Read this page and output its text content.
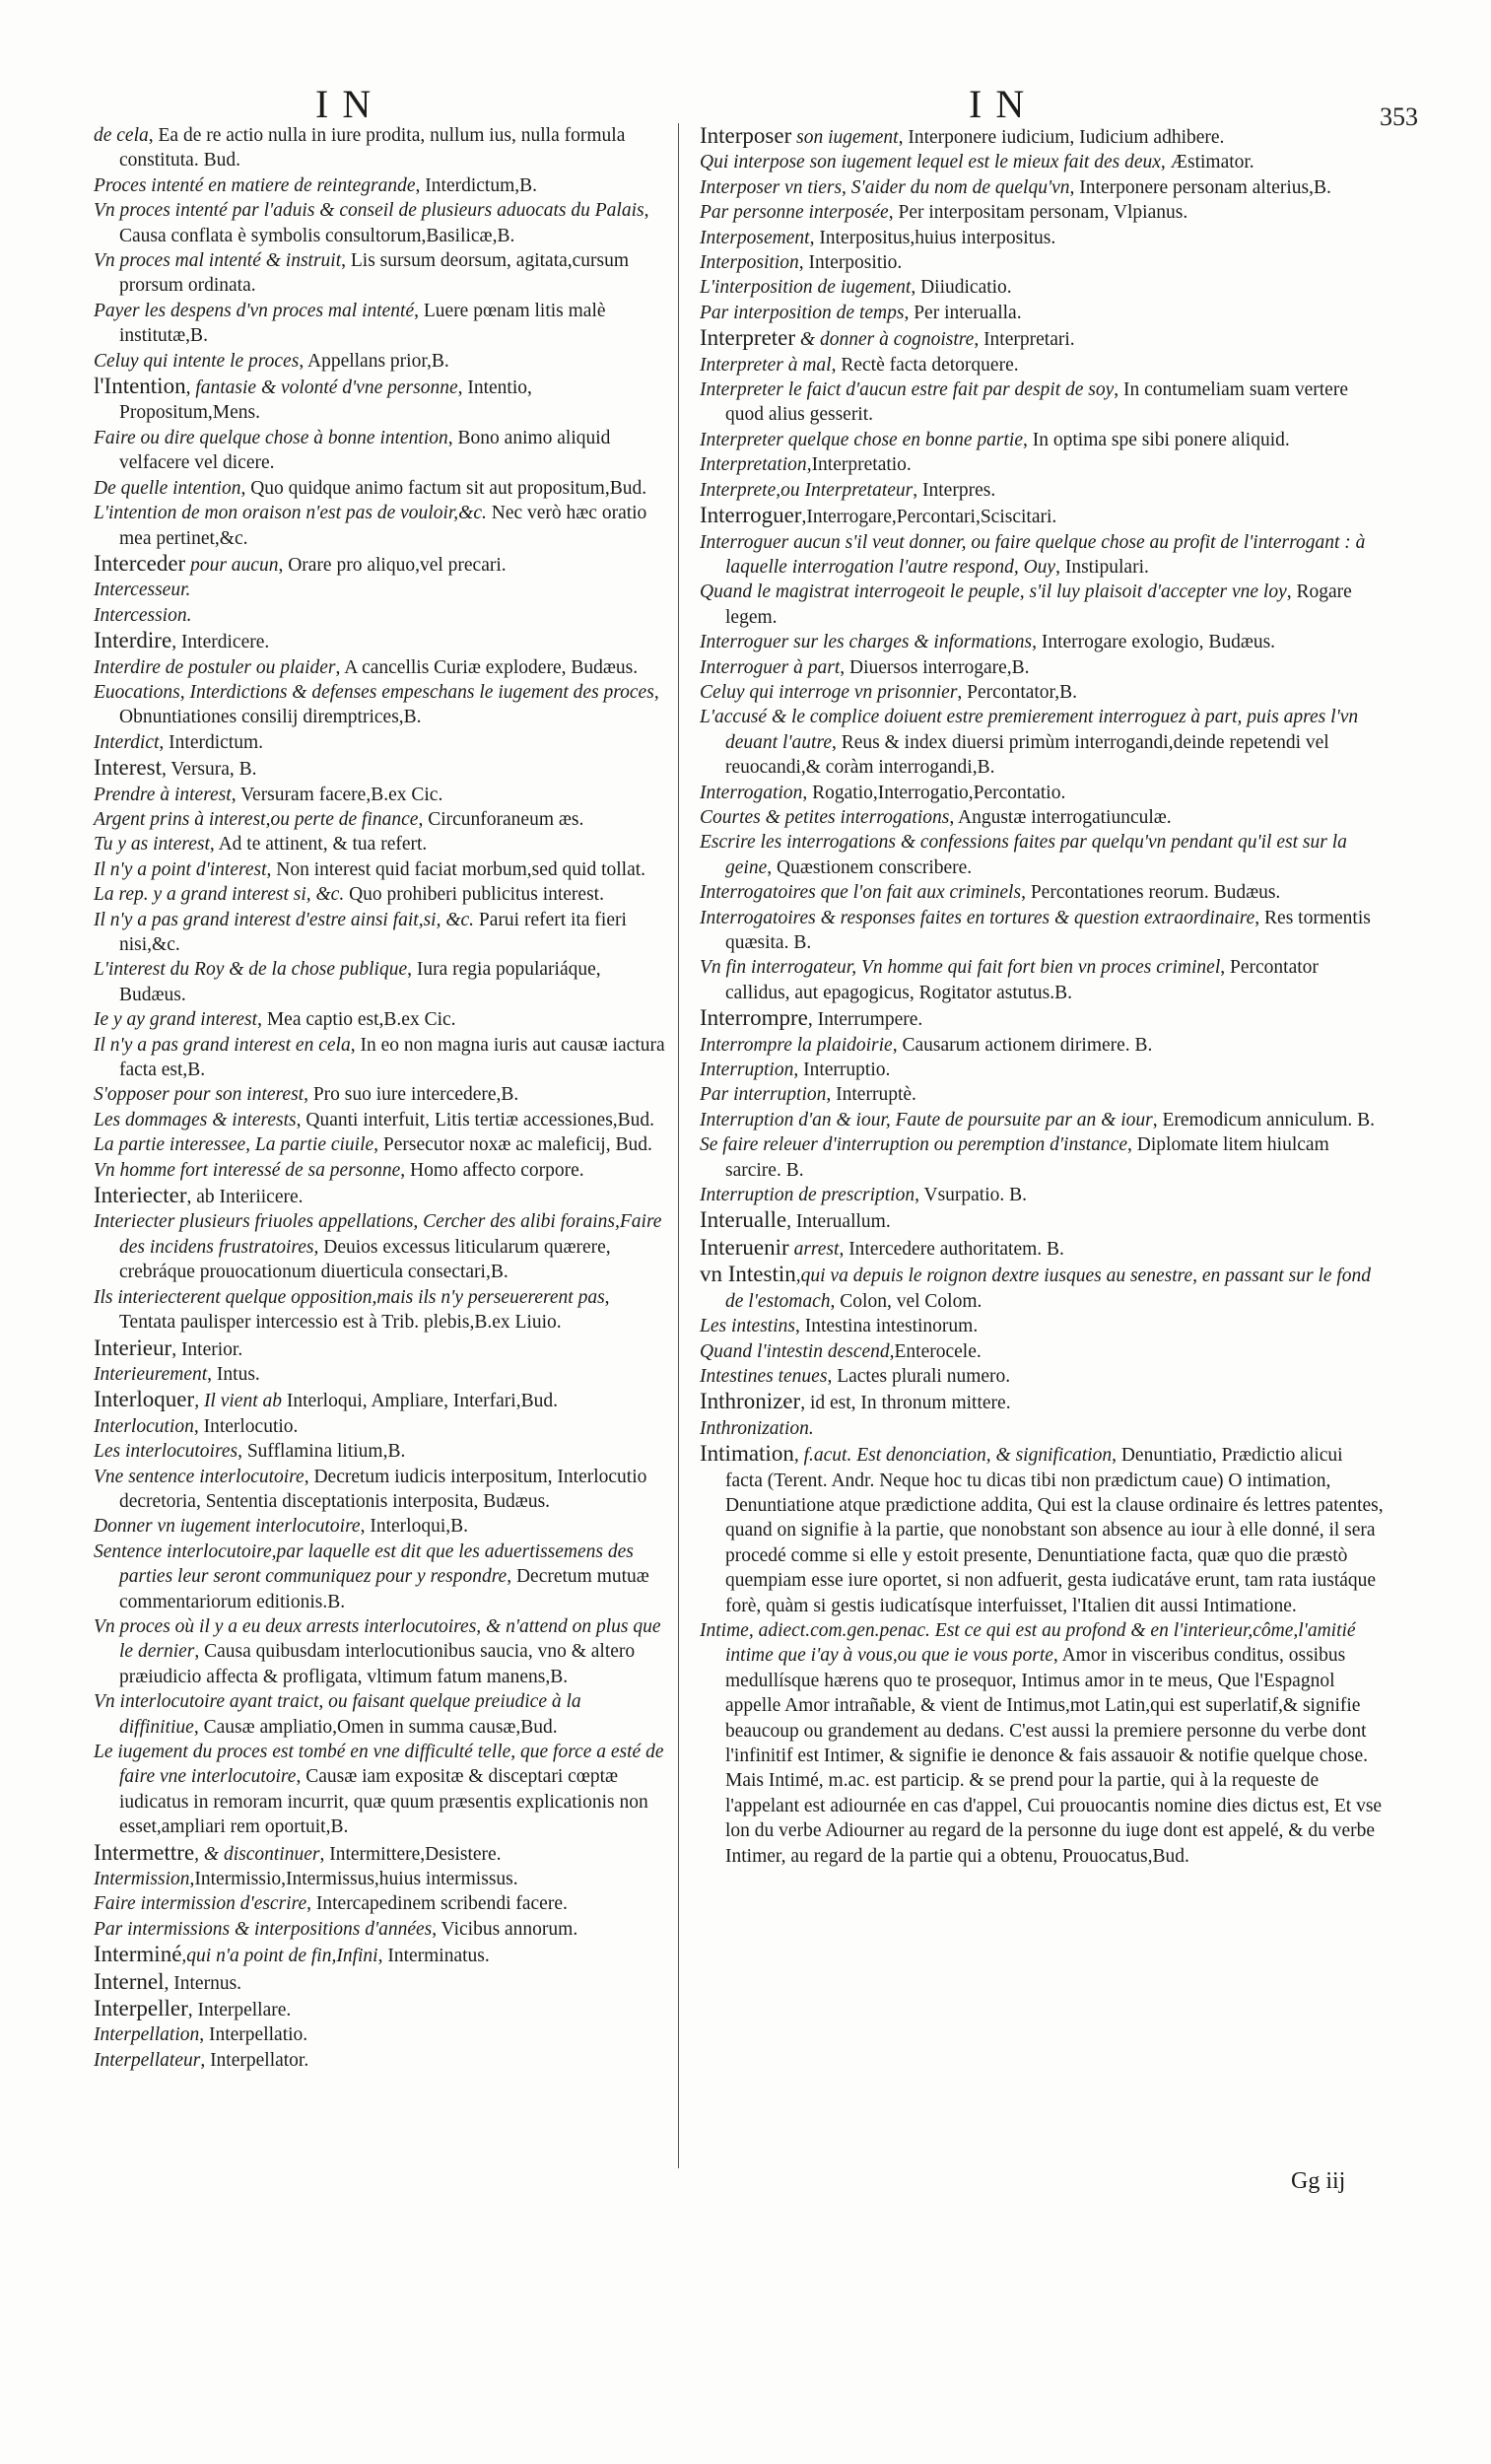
IN	IN	353

de cela, Ea de re actio nulla in iure prodita, nullum ius, nulla formula constituta. Bud.

Proces intenté en matiere de reintegrande, Interdictum,B.

Vn proces intenté par l'aduis & conseil de plusieurs aduocats du Palais, Causa conflata è symbolis consultorum,Basilicæ,B.

Vn proces mal intenté & instruit, Lis sursum deorsum, agitata,cursum prorsum ordinata.

Payer les despens d'vn proces mal intenté, Luere pœnam litis malè institutæ,B.

Celuy qui intente le proces, Appellans prior,B.

l'Intention, fantasie & volonté d'vne personne, Intentio, Propositum,Mens.

Faire ou dire quelque chose à bonne intention, Bono animo aliquid velfacere vel dicere.

De quelle intention, Quo quidque animo factum sit aut propositum,Bud.

L'intention de mon oraison n'est pas de vouloir,&c. Nec verò hæc oratio mea pertinet,&c.

Interceder pour aucun, Orare pro aliquo,vel precari.

Intercesseur.

Intercession.

Interdire, Interdicere.

Interdire de postuler ou plaider, A cancellis Curiæ explodere, Budæus.

Euocations, Interdictions & defenses empeschans le iugement des proces, Obnuntiationes consilij diremptrices,B.

Interdict, Interdictum.

Interest, Versura, B.

Prendre à interest, Versuram facere,B.ex Cic.

Argent prins à interest,ou perte de finance, Circunforaneum æs.

Tu y as interest, Ad te attinent, & tua refert.

Il n'y a point d'interest, Non interest quid faciat morbum,sed quid tollat.

La rep. y a grand interest si, &c. Quo prohiberi publicitus interest.

Il n'y a pas grand interest d'estre ainsi fait,si, &c. Parui refert ita fieri nisi,&c.

L'interest du Roy & de la chose publique, Iura regia populariáque, Budæus.

Ie y ay grand interest, Mea captio est,B.ex Cic.

Il n'y a pas grand interest en cela, In eo non magna iuris aut causæ iactura facta est,B.

S'opposer pour son interest, Pro suo iure intercedere,B.

Les dommages & interests, Quanti interfuit, Litis tertiæ accessiones,Bud.

La partie interessee, La partie ciuile, Persecutor noxæ ac maleficij, Bud.

Vn homme fort interessé de sa personne, Homo affecto corpore.

Interiecter, ab Interiicere.

Interiecter plusieurs friuoles appellations, Cercher des alibi forains,Faire des incidens frustratoires, Deuios excessus liticularum quærere, crebráque prouocationum diuerticula consectari,B.

Ils interiecterent quelque opposition,mais ils n'y perseuererent pas, Tentata paulisper intercessio est à Trib. plebis,B.ex Liuio.

Interieur, Interior.

Interieurement, Intus.

Interloquer, Il vient ab Interloqui, Ampliare, Interfari,Bud.

Interlocution, Interlocutio.

Les interlocutoires, Sufflamina litium,B.

Vne sentence interlocutoire, Decretum iudicis interpositum, Interlocutio decretoria, Sententia disceptationis interposita, Budæus.

Donner vn iugement interlocutoire, Interloqui,B.

Sentence interlocutoire,par laquelle est dit que les aduertissemens des parties leur seront communiquez pour y respondre, Decretum mutuæ commentariorum editionis.B.

Vn proces où il y a eu deux arrests interlocutoires, & n'attend on plus que le dernier, Causa quibusdam interlocutionibus saucia, vno & altero præiudicio affecta & profligata, vltimum fatum manens,B.

Vn interlocutoire ayant traict, ou faisant quelque preiudice à la diffinitiue, Causæ ampliatio,Omen in summa causæ,Bud.

Le iugement du proces est tombé en vne difficulté telle, que force a esté de faire vne interlocutoire, Causæ iam expositæ & disceptari cœptæ iudicatus in remoram incurrit, quæ quum præsentis explicationis non esset,ampliari rem oportuit,B.

Intermettre, & discontinuer, Intermittere,Desistere.

Intermission,Intermissio,Intermissus,huius intermissus.

Faire intermission d'escrire, Intercapedinem scribendi facere.

Par intermissions & interpositions d'années, Vicibus annorum.

Interminé,qui n'a point de fin,Infini, Interminatus.

Internel, Internus.

Interpeller, Interpellare.

Interpellation, Interpellatio.

Interpellateur, Interpellator.

Interposer son iugement, Interponere iudicium, Iudicium adhibere.

Qui interpose son iugement lequel est le mieux fait des deux, Æstimator.

Interposer vn tiers, S'aider du nom de quelqu'vn, Interponere personam alterius,B.

Par personne interposée, Per interpositam personam, Vlpianus.

Interposement, Interpositus,huius interpositus.

Interposition, Interpositio.

L'interposition de iugement, Diiudicatio.

Par interposition de temps, Per interualla.

Interpreter & donner à cognoistre, Interpretari.

Interpreter à mal, Rectè facta detorquere.

Interpreter le faict d'aucun estre fait par despit de soy, In contumeliam suam vertere quod alius gesserit.

Interpreter quelque chose en bonne partie, In optima spe sibi ponere aliquid.

Interpretation,Interpretatio.

Interprete,ou Interpretateur, Interpres.

Interroguer,Interrogare,Percontari,Sciscitari.

Interroguer aucun s'il veut donner, ou faire quelque chose au profit de l'interrogant : à laquelle interrogation l'autre respond, Ouy, Instipulari.

Quand le magistrat interrogeoit le peuple, s'il luy plaisoit d'accepter vne loy, Rogare legem.

Interroguer sur les charges & informations, Interrogare exologio, Budæus.

Interroguer à part, Diuersos interrogare,B.

Celuy qui interroge vn prisonnier, Percontator,B.

L'accusé & le complice doiuent estre premierement interroguez à part, puis apres l'vn deuant l'autre, Reus & index diuersi primùm interrogandi,deinde repetendi vel reuocandi,& coràm interrogandi,B.

Interrogation, Rogatio,Interrogatio,Percontatio.

Courtes & petites interrogations, Angustæ interrogatiunculæ.

Escrire les interrogations & confessions faites par quelqu'vn pendant qu'il est sur la geine, Quæstionem conscribere.

Interrogatoires que l'on fait aux criminels, Percontationes reorum. Budæus.

Interrogatoires & responses faites en tortures & question extraordinaire, Res tormentis quæsita. B.

Vn fin interrogateur, Vn homme qui fait fort bien vn proces criminel, Percontator callidus, aut epagogicus, Rogitator astutus.B.

Interrompre, Interrumpere.

Interrompre la plaidoirie, Causarum actionem dirimere. B.

Interruption, Interruptio.

Par interruption, Interruptè.

Interruption d'an & iour, Faute de poursuite par an & iour, Eremodicum anniculum. B.

Se faire releuer d'interruption ou peremption d'instance, Diplomate litem hiulcam sarcire. B.

Interruption de prescription, Vsurpatio. B.

Interualle, Interuallum.

Interuenir arrest, Intercedere authoritatem. B.

vn Intestin,qui va depuis le roignon dextre iusques au senestre, en passant sur le fond de l'estomach, Colon, vel Colom.

Les intestins, Intestina intestinorum.

Quand l'intestin descend,Enterocele.

Intestines tenues, Lactes plurali numero.

Inthronizer, id est, In thronum mittere.

Inthronization.

Intimation, f.acut. Est denonciation, & signification, Denuntiatio, Prædictio alicui facta (Terent. Andr. Neque hoc tu dicas tibi non prædictum caue) O intimation, Denuntiatione atque prædictione addita, Qui est la clause ordinaire és lettres patentes, quand on signifie à la partie, que nonobstant son absence au iour à elle donné, il sera procedé comme si elle y estoit presente, Denuntiatione facta, quæ quo die præstò quempiam esse iure oportet, si non adfuerit, gesta iudicatáve erunt, tam rata iustáque forè, quàm si gestis iudicatísque interfuisset, l'Italien dit aussi Intimatione.

Intime, adiect.com.gen.penac. Est ce qui est au profond & en l'interieur,côme,l'amitié intime que i'ay à vous,ou que ie vous porte, Amor in visceribus conditus, ossibus medullísque hærens quo te prosequor, Intimus amor in te meus, Que l'Espagnol appelle Amor intrañable, & vient de Intimus,mot Latin,qui est superlatif,& signifie beaucoup ou grandement au dedans. C'est aussi la premiere personne du verbe dont l'infinitif est Intimer, & signifie ie denonce & fais assauoir & notifie quelque chose. Mais Intimé, m.ac. est particip. & se prend pour la partie, qui à la requeste de l'appelant est adiournée en cas d'appel, Cui prouocantis nomine dies dictus est, Et vse lon du verbe Adiourner au regard de la personne du iuge dont est appelé, & du verbe Intimer, au regard de la partie qui a obtenu, Prouocatus,Bud.

Gg iij
